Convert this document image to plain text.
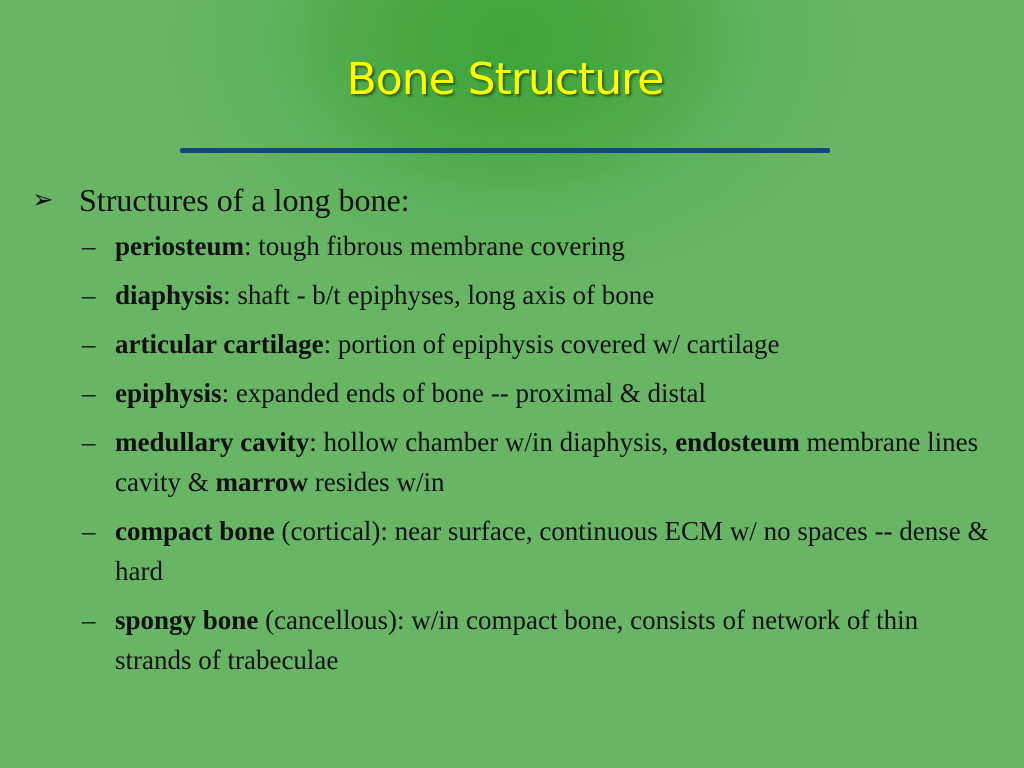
Bone Structure
➢ Structures of a long bone:
– periosteum: tough fibrous membrane covering
– diaphysis: shaft - b/t epiphyses, long axis of bone
– articular cartilage: portion of epiphysis covered w/ cartilage
– epiphysis: expanded ends of bone -- proximal & distal
– medullary cavity: hollow chamber w/in diaphysis, endosteum membrane lines cavity & marrow resides w/in
– compact bone (cortical): near surface, continuous ECM w/ no spaces -- dense & hard
– spongy bone (cancellous): w/in compact bone, consists of network of thin strands of trabeculae
